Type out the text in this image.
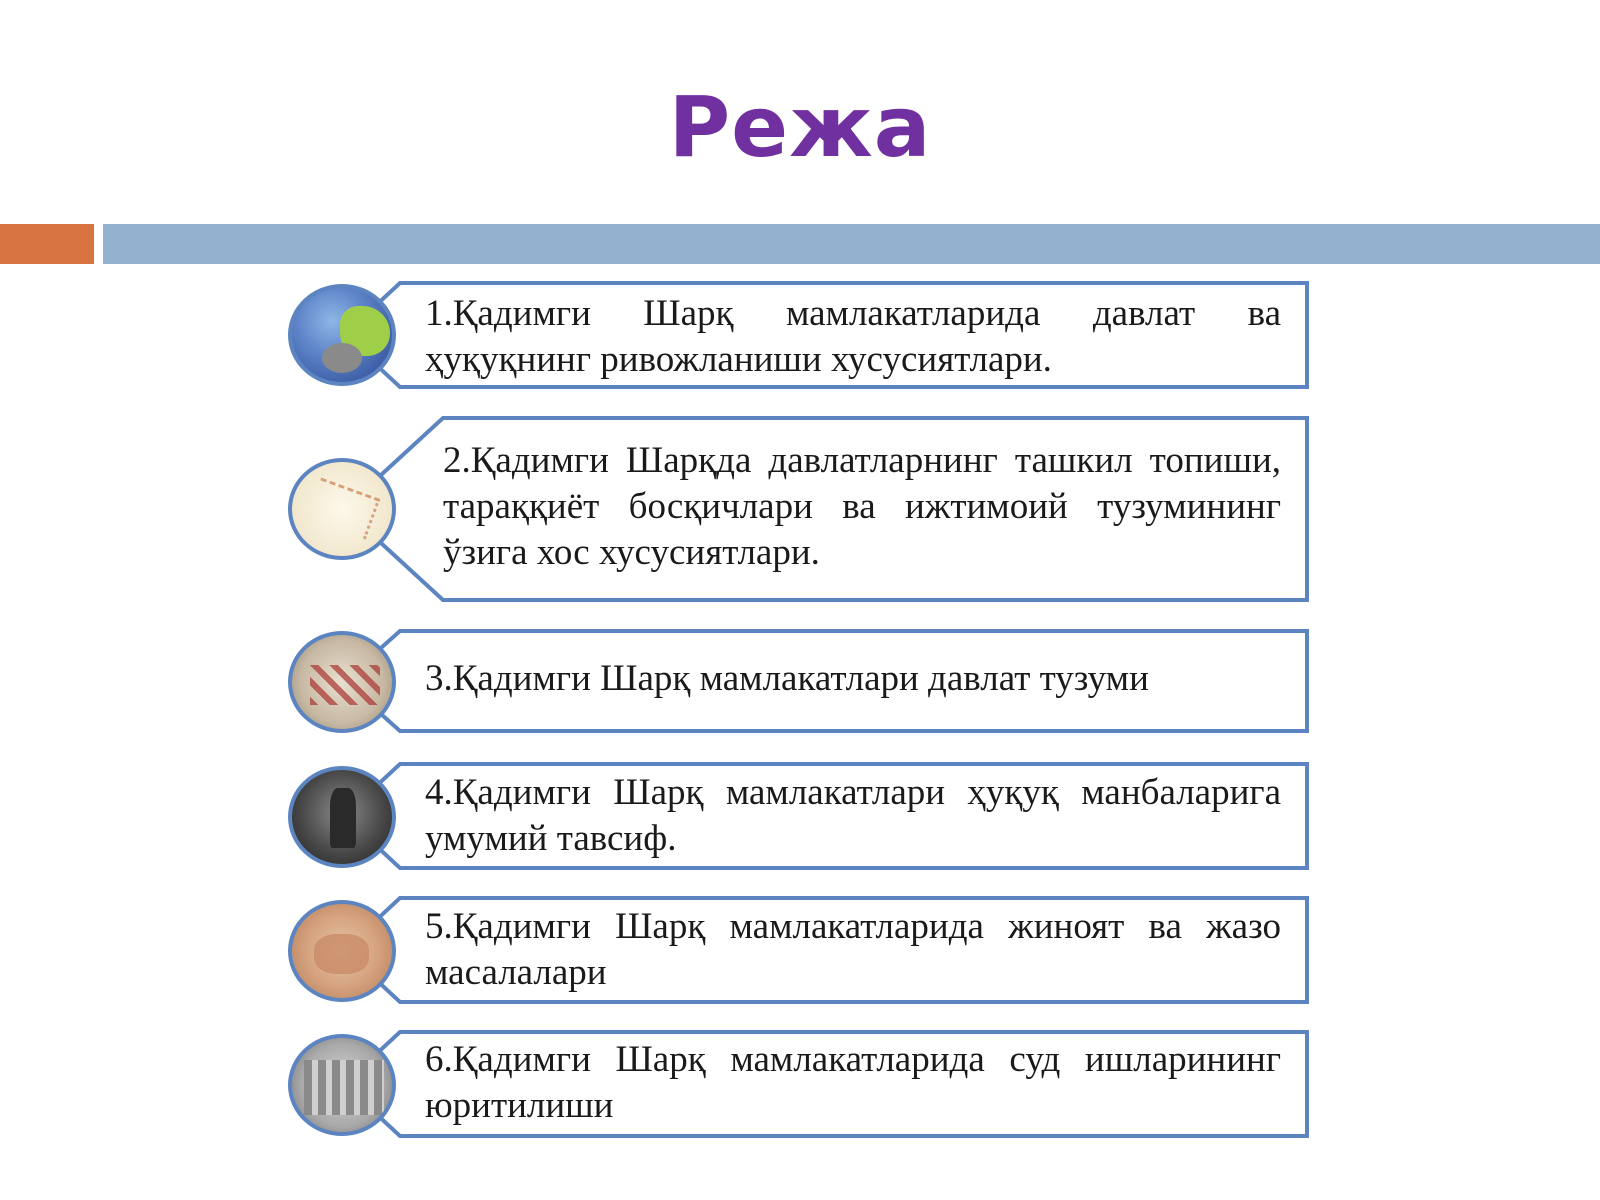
Режа
1.Қадимги Шарқ мамлакатларида давлат ва ҳуқуқнинг ривожланиши хусусиятлари.
2.Қадимги Шарқда давлатларнинг ташкил топиши, тараққиёт босқичлари ва ижтимоий тузумининг ўзига хос хусусиятлари.
3.Қадимги Шарқ мамлакатлари давлат тузуми
4.Қадимги Шарқ мамлакатлари ҳуқуқ манбаларига умумий тавсиф.
5.Қадимги Шарқ мамлакатларида жиноят ва жазо масалалари
6.Қадимги Шарқ мамлакатларида суд ишларининг юритилиши
